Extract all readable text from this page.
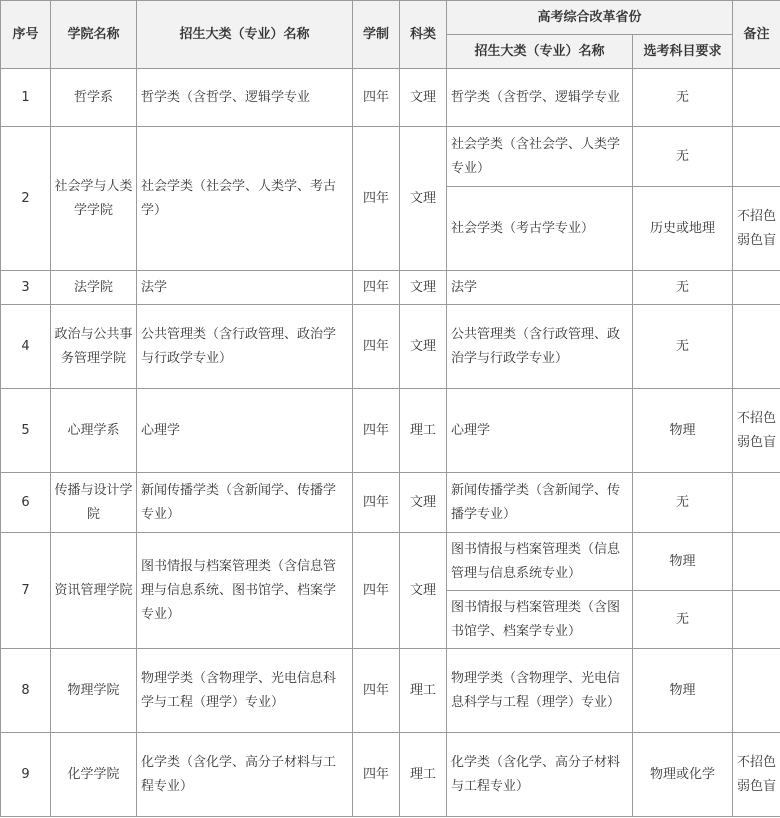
序号	学院名称	招生大类（专业）名称	学制	科类	高考综合改革省份		备注
					招生大类（专业）名称	选考科目要求	
1	哲学系	哲学类（含哲学、逻辑学专业	四年	文理	哲学类（含哲学、逻辑学专业	无	
2	社会学与人类学学院	社会学类（社会学、人类学、考古学）	四年	文理	社会学类（含社会学、人类学专业）	无	
					社会学类（考古学专业）	历史或地理	不招色弱色盲
3	法学院	法学	四年	文理	法学	无	
4	政治与公共事务管理学院	公共管理类（含行政管理、政治学与行政学专业）	四年	文理	公共管理类（含行政管理、政治学与行政学专业）	无	
5	心理学系	心理学	四年	理工	心理学	物理	不招色弱色盲
6	传播与设计学院	新闻传播学类（含新闻学、传播学专业）	四年	文理	新闻传播学类（含新闻学、传播学专业）	无	
7	资讯管理学院	图书情报与档案管理类（含信息管理与信息系统、图书馆学、档案学专业）	四年	文理	图书情报与档案管理类（信息管理与信息系统专业）	物理	
					图书情报与档案管理类（含图书馆学、档案学专业）	无	
8	物理学院	物理学类（含物理学、光电信息科学与工程（理学）专业）	四年	理工	物理学类（含物理学、光电信息科学与工程（理学）专业）	物理	
9	化学学院	化学类（含化学、高分子材料与工程专业）	四年	理工	化学类（含化学、高分子材料与工程专业）	物理或化学	不招色弱色盲
